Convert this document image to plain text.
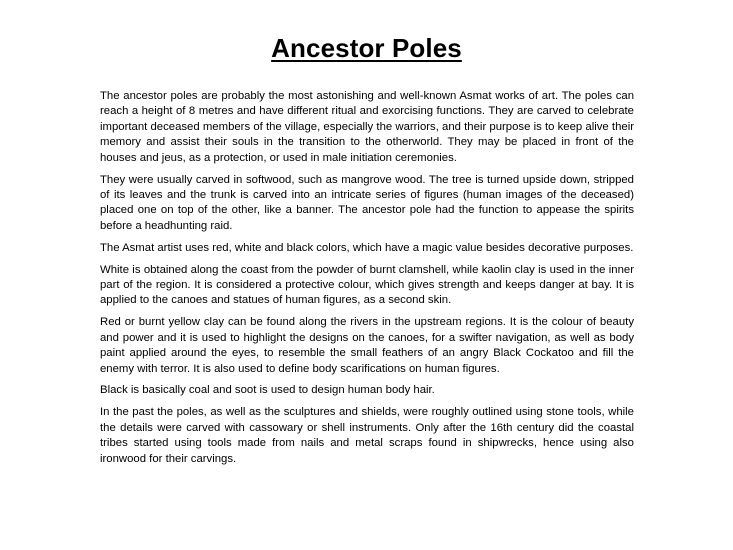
Ancestor Poles

The ancestor poles are probably the most astonishing and well-known Asmat works of art. The poles can reach a height of 8 metres and have different ritual and exorcising functions. They are carved to celebrate important deceased members of the village, especially the warriors, and their purpose is to keep alive their memory and assist their souls in the transition to the otherworld. They may be placed in front of the houses and jeus, as a protection, or used in male initiation ceremonies.

They were usually carved in softwood, such as mangrove wood. The tree is turned upside down, stripped of its leaves and the trunk is carved into an intricate series of figures (human images of the deceased) placed one on top of the other, like a banner. The ancestor pole had the function to appease the spirits before a headhunting raid.

The Asmat artist uses red, white and black colors, which have a magic value besides decorative purposes.

White is obtained along the coast from the powder of burnt clamshell, while kaolin clay is used in the inner part of the region. It is considered a protective colour, which gives strength and keeps danger at bay. It is applied to the canoes and statues of human figures, as a second skin.

Red or burnt yellow clay can be found along the rivers in the upstream regions. It is the colour of beauty and power and it is used to highlight the designs on the canoes, for a swifter navigation, as well as body paint applied around the eyes, to resemble the small feathers of an angry Black Cockatoo and fill the enemy with terror. It is also used to define body scarifications on human figures.

Black is basically coal and soot is used to design human body hair.

In the past the poles, as well as the sculptures and shields, were roughly outlined using stone tools, while the details were carved with cassowary or shell instruments. Only after the 16th century did the coastal tribes started using tools made from nails and metal scraps found in shipwrecks, hence using also ironwood for their carvings.
